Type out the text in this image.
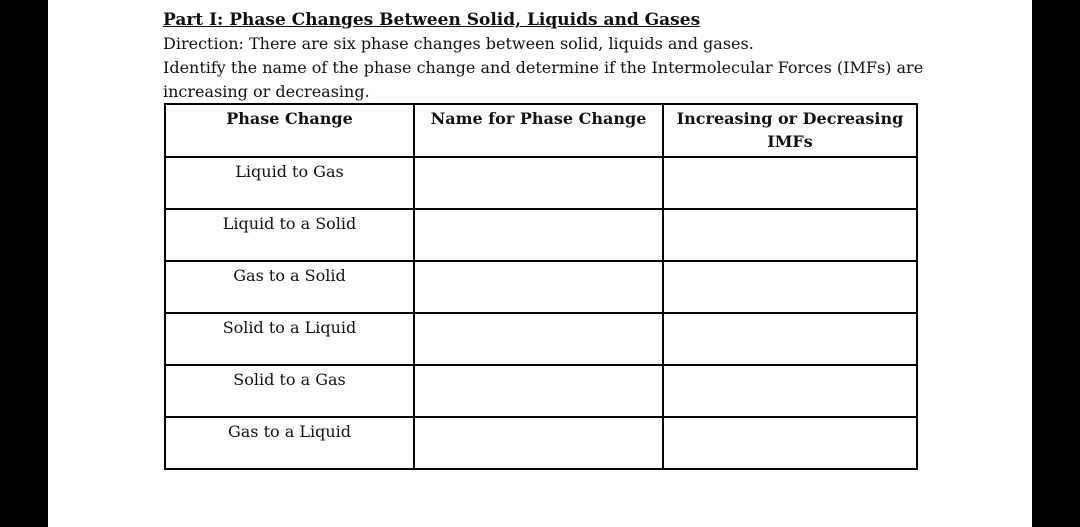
Part I: Phase Changes Between Solid, Liquids and Gases

Direction: There are six phase changes between solid, liquids and gases.

Identify the name of the phase change and determine if the Intermolecular Forces (IMFs) are

increasing or decreasing.

Phase Change	Name for Phase Change	Increasing or Decreasing
IMFs
Liquid to Gas		
Liquid to a Solid		
Gas to a Solid		
Solid to a Liquid		
Solid to a Gas		
Gas to a Liquid		
